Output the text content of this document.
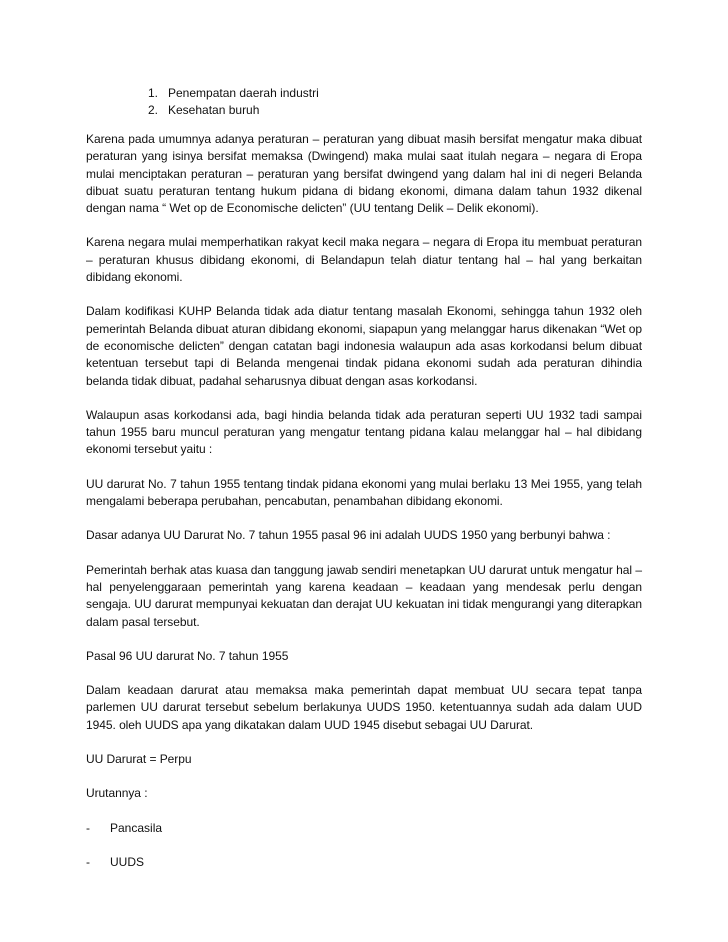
1. Penempatan daerah industri
2. Kesehatan buruh

Karena pada umumnya adanya peraturan – peraturan yang dibuat masih bersifat mengatur maka dibuat peraturan yang isinya bersifat memaksa (Dwingend) maka mulai saat itulah negara – negara di Eropa mulai menciptakan peraturan – peraturan yang bersifat dwingend yang dalam hal ini di negeri Belanda dibuat suatu peraturan tentang hukum pidana di bidang ekonomi, dimana dalam tahun 1932 dikenal dengan nama “ Wet op de Economische delicten” (UU tentang Delik – Delik ekonomi).

Karena negara mulai memperhatikan rakyat kecil maka negara – negara di Eropa itu membuat peraturan – peraturan khusus dibidang ekonomi, di Belandapun telah diatur tentang hal – hal yang berkaitan dibidang ekonomi.

Dalam kodifikasi KUHP Belanda tidak ada diatur tentang masalah Ekonomi, sehingga tahun 1932 oleh pemerintah Belanda dibuat aturan dibidang ekonomi, siapapun yang melanggar harus dikenakan “Wet op de economische delicten” dengan catatan bagi indonesia walaupun ada asas korkodansi belum dibuat ketentuan tersebut tapi di Belanda mengenai tindak pidana ekonomi sudah ada peraturan dihindia belanda tidak dibuat, padahal seharusnya dibuat dengan asas korkodansi.

Walaupun asas korkodansi ada, bagi hindia belanda tidak ada peraturan seperti UU 1932 tadi sampai tahun 1955 baru muncul peraturan yang mengatur tentang pidana kalau melanggar hal – hal dibidang ekonomi tersebut yaitu :

UU darurat No. 7 tahun 1955 tentang tindak pidana ekonomi yang mulai berlaku 13 Mei 1955, yang telah mengalami beberapa perubahan, pencabutan, penambahan dibidang ekonomi.

Dasar adanya UU Darurat No. 7 tahun 1955 pasal 96 ini adalah UUDS 1950 yang berbunyi bahwa :

Pemerintah berhak atas kuasa dan tanggung jawab sendiri menetapkan UU darurat untuk mengatur hal – hal penyelenggaraan pemerintah yang karena keadaan – keadaan yang mendesak perlu dengan sengaja. UU darurat mempunyai kekuatan dan derajat UU kekuatan ini tidak mengurangi yang diterapkan dalam pasal tersebut.

Pasal 96 UU darurat No. 7 tahun 1955

Dalam keadaan darurat atau memaksa maka pemerintah dapat membuat UU secara tepat tanpa parlemen UU darurat tersebut sebelum berlakunya UUDS 1950. ketentuannya sudah ada dalam UUD 1945. oleh UUDS apa yang dikatakan dalam UUD 1945 disebut sebagai UU Darurat.

UU Darurat = Perpu

Urutannya :

-	Pancasila
-	UUDS
